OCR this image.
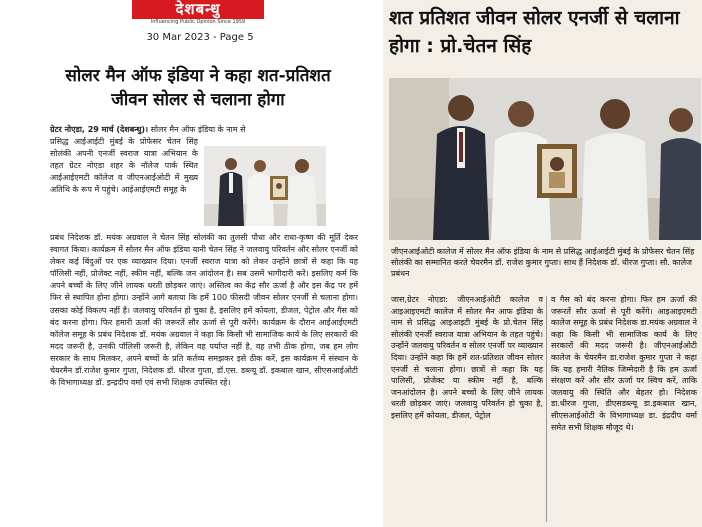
देशबन्धु
Influencing Public Opinion Since 1959
30 Mar 2023 - Page 5
सोलर मैन ऑफ इंडिया ने कहा शत-प्रतिशत जीवन सोलर से चलाना होगा
ग्रेटर नोएडा, 29 मार्च (देशबन्धु)। सोलर मैन ऑफ इंडिया के नाम से
प्रसिद्ध आईआईटी मुंबई के प्रोफेसर चेतन सिंह सोलंकी अपनी एनर्जी स्वराज यात्रा अभियान के तहत ग्रेटर नोएडा शहर के नॉलेज पार्क स्थित आईआईएमटी कॉलेज व जीएनआईओटी में मुख्य अतिथि के रूप में पहुंचे। आईआईएमटी समूह के
प्रबंध निदेशक डॉ. मयंक अग्रवाल ने चेतन सिंह सोलंकी का तुलसी पौधा और राधा-कृष्ण की मूर्ति देकर स्वागत किया। कार्यक्रम में सोलर मैन ऑफ इंडिया यानी चेतन सिंह ने जलवायु परिवर्तन और सोलर एनर्जी को लेकर कई बिंदुओं पर एक व्याख्यान दिया। एनर्जी स्वराज यात्रा को लेकर उन्होंने छात्रों से कहा कि यह पॉलिसी नहीं, प्रोजेक्ट नहीं, स्कीम नहीं, बल्कि जन आंदोलन है। सब उसमें भागीदारी करें। इसलिए कर्म कि अपने बच्चों के लिए जीने लायक धरती छोड़कर जाएं। अस्तित्व का केंद्र सौर ऊर्जा है और इस केंद्र पर हमें फिर से स्थापित होना होगा। उन्होंने आगे बताया कि हमें 100 फीसदी जीवन सोलर एनर्जी से चलाना होगा। उसका कोई विकल्प नहीं है। जलवायु परिवर्तन हो चुका है, इसलिए हमें कोयला, डीजल, पेट्रोल और गैस को बंद करना होगा। फिर हमारी ऊर्जा की जरूरतें सौर ऊर्जा से पूरी करेंगे। कार्यक्रम के दौरान आईआईएमटी कॉलेज समूह के प्रबंध निदेशक डॉ. मयंक अग्रवाल ने कहा कि किसी भी सामाजिक कार्य के लिए सरकारों की मदद जरूरी है, उनकी पॉलिसी जरूरी है, लेकिन वह पर्याप्त नहीं है, वह तभी ठीक होगा, जब हम लोग सरकार के साथ मिलकर, अपने बच्चों के प्रति कर्तव्य समझकर इसे ठीक करें, इस कार्यक्रम में संस्थान के चेयरमैन डॉ.राजेश कुमार गुप्ता, निदेशक डॉ. धीरज गुप्ता, डॉ.एस. डब्ल्यू डॉ. इकबाल खान, सीएसआईओटी के विभागाध्यक्ष डॉ. इन्द्रदीप वर्मा एवं सभी शिक्षक उपस्थित रहे।
शत प्रतिशत जीवन सोलर एनर्जी से चलाना होगा : प्रो.चेतन सिंह
जीएनआईओटी कालेज में सोलर मैन ऑफ इंडिया के नाम से प्रसिद्ध आईआईटी मुंबई के प्रोफेसर चेतन सिंह सोलंकी का सम्मानित करते चेयरमैन डॉ. राजेश कुमार गुप्ता। साथ हैं निदेशक डॉ. धीरज गुप्ता। सौ. कालेज प्रबंधन
जास,ग्रेटर नोएडा: जीएनआईओटी कालेज व आइआइएमटी कालेज में सोलर मैन आफ इंडिया के नाम से प्रसिद्ध आइआइटी मुंबई के प्रो.चेतन सिंह सोलंकी एनर्जी स्वराज यात्रा अभियान के तहत पहुंचे। उन्होंने जलवायु परिवर्तन व सोलर एनर्जी पर व्याख्यान दिया। उन्होंने कहा कि हमें शत-प्रतिशत जीवन सोलर एनर्जी से चलाना होगा। छात्रों से कहा कि यह पालिसी, प्रोजेक्ट या स्कीम नहीं है, बल्कि जनआंदोलन है। अपने बच्चों के लिए जीने लायक धरती छोड़कर जाएं। जलवायु परिवर्तन हो चुका है, इसलिए हमें कोयला, डीजल, पेट्रोल
व गैस को बंद करना होगा। फिर हम ऊर्जा की जरूरतें सौर ऊर्जा से पूरी करेंगे। आइआइएमटी कालेज समूह के प्रबंध निदेशक डा.मयंक अग्रवाल ने कहा कि किसी भी सामाजिक कार्य के लिए सरकारों की मदद जरूरी है। जीएनआईओटी कालेज के चेयरमैन डा.राजेश कुमार गुप्ता ने कहा कि यह हमारी नैतिक जिम्मेदारी है कि हम ऊर्जा संरक्षण करें और सौर ऊर्जा पर स्विच करें, ताकि जलवायु की स्थिति और बेहतर हो। निदेशक डा.धीरज गुप्ता, डीएसडब्ल्यू डा.इकबाल खान, सीएसआईओटी के विभागाध्यक्ष डा. इंद्रदीप वर्मा समेत सभी शिक्षक मौजूद थे।
